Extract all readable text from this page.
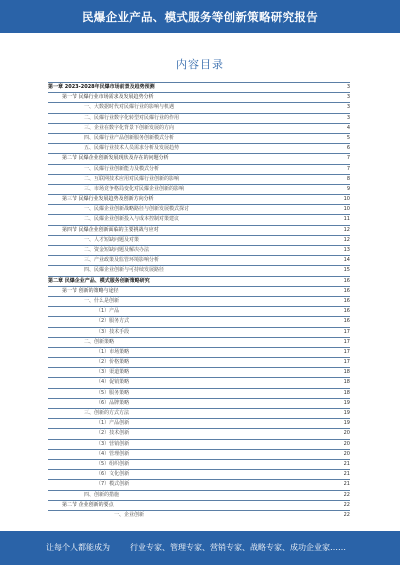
民爆企业产品、模式服务等创新策略研究报告
内容目录
第一章 2023-2028年民爆市场前景及趋势预测	3
第一节 民爆行业市场需求及发展趋势分析	3
一、大数据时代对民爆行业的影响与机遇	3
二、民爆行业数字化转型对民爆行业的作用	3
三、企业在数字化背景下创新发展的方向	4
四、民爆行业产品创新服务创新模式分析	5
五、民爆行业技术人员需求分析及发展趋势	6
第二节 民爆企业创新发展现状及存在的问题分析	7
一、民爆行业创新能力及模式分析	7
二、互联网技术应用对民爆行业创新的影响	8
三、市场竞争格局变化对民爆企业创新的影响	9
第三节 民爆行业发展趋势及创新方向分析	10
一、民爆企业创新战略路径与创新发展模式探讨	10
二、民爆企业创新投入与成本控制对策建议	11
第四节 民爆企业创新面临的主要挑战与应对	12
一、人才短缺问题及对策	12
二、资金短缺问题及解决办法	13
三、产业政策及监管环境影响分析	14
四、民爆企业创新与可持续发展路径	15
第二章 民爆企业产品、模式服务创新策略研究	16
第一节 创新的策略与途径	16
一、什么是创新	16
（1）产品	16
（2）服务方式	16
（3）技术手段	17
二、创新策略	17
（1）市场策略	17
（2）价格策略	17
（3）渠道策略	18
（4）促销策略	18
（5）服务策略	18
（6）品牌策略	19
三、创新的方式方法	19
（1）产品创新	19
（2）技术创新	20
（3）营销创新	20
（4）管理创新	20
（5）组织创新	21
（6）文化创新	21
（7）模式创新	21
四、创新的措施	22
第二节 企业创新的要点	22
一、企业创新	22
让每个人都能成为	行业专家、管理专家、营销专家、战略专家、成功企业家……
